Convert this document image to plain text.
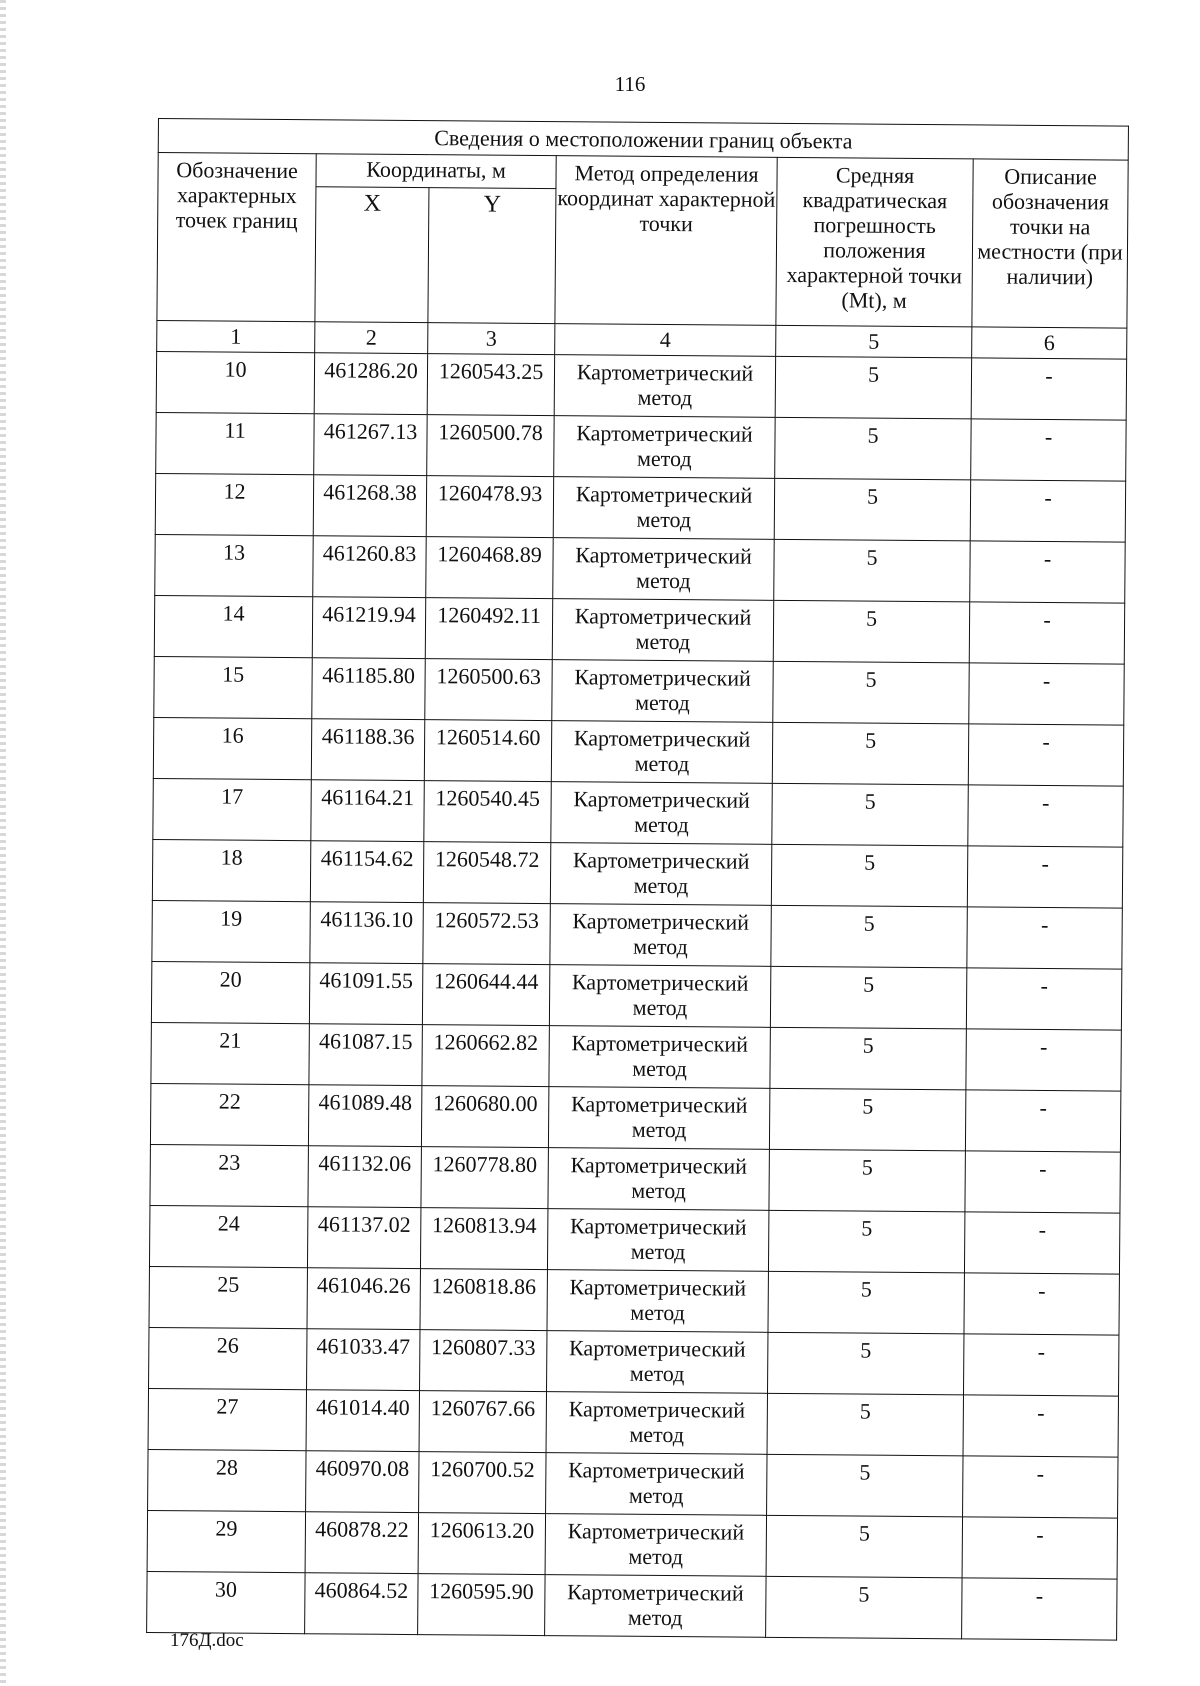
116
Сведения о местоположении границ объекта					
Обозначение характерных точек границ	Координаты, м		Метод определения координат характерной точки	Средняя квадратическая погрешность положения характерной точки (Mt), м	Описание обозначения точки на местности (при наличии)
	X	Y			
1	2	3	4	5	6
10	461286.20	1260543.25	Картометрический метод	5	-
11	461267.13	1260500.78	Картометрический метод	5	-
12	461268.38	1260478.93	Картометрический метод	5	-
13	461260.83	1260468.89	Картометрический метод	5	-
14	461219.94	1260492.11	Картометрический метод	5	-
15	461185.80	1260500.63	Картометрический метод	5	-
16	461188.36	1260514.60	Картометрический метод	5	-
17	461164.21	1260540.45	Картометрический метод	5	-
18	461154.62	1260548.72	Картометрический метод	5	-
19	461136.10	1260572.53	Картометрический метод	5	-
20	461091.55	1260644.44	Картометрический метод	5	-
21	461087.15	1260662.82	Картометрический метод	5	-
22	461089.48	1260680.00	Картометрический метод	5	-
23	461132.06	1260778.80	Картометрический метод	5	-
24	461137.02	1260813.94	Картометрический метод	5	-
25	461046.26	1260818.86	Картометрический метод	5	-
26	461033.47	1260807.33	Картометрический метод	5	-
27	461014.40	1260767.66	Картометрический метод	5	-
28	460970.08	1260700.52	Картометрический метод	5	-
29	460878.22	1260613.20	Картометрический метод	5	-
30	460864.52	1260595.90	Картометрический метод	5	-
176Д.doc
